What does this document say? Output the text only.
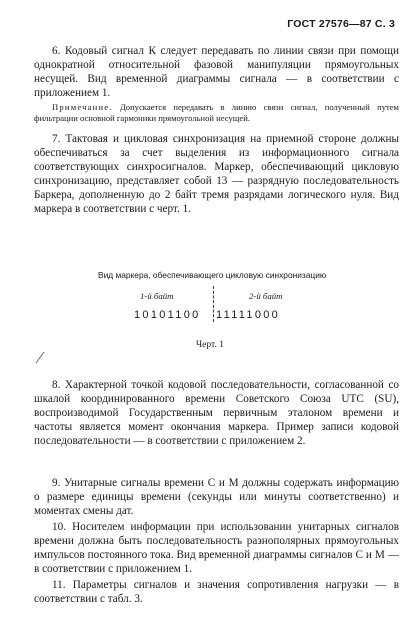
ГОСТ 27576—87 С. 3

6. Кодовый сигнал К следует передавать по линии связи при помощи однократной относительной фазовой манипуляции прямоугольных несущей. Вид временной диаграммы сигнала — в соответствии с приложением 1.

Примечание. Допускается передавать в линию связи сигнал, полученный путем фильтрации основной гармоники прямоугольной несущей.

7. Тактовая и цикловая синхронизация на приемной стороне должны обеспечиваться за счет выделения из информационного сигнала соответствующих синхросигналов. Маркер, обеспечивающий цикловую синхронизацию, представляет собой 13 — разрядную последовательность Баркера, дополненную до 2 байт тремя разрядами логического нуля. Вид маркера в соответствии с черт. 1.

Вид маркера, обеспечивающего цикловую синхронизацию
1-й байт	2-й байт
10101100 11111000
Черт. 1

8. Характерной точкой кодовой последовательности, согласованной со шкалой координированного времени Советского Союза UTC (SU), воспроизводимой Государственным первичным эталоном времени и частоты является момент окончания маркера. Пример записи кодовой последовательности — в соответствии с приложением 2.

9. Унитарные сигналы времени С и М должны содержать информацию о размере единицы времени (секунды или минуты соответственно) и моментах смены дат.

10. Носителем информации при использовании унитарных сигналов времени должна быть последовательность разнополярных прямоугольных импульсов постоянного тока. Вид временной диаграммы сигналов С и М — в соответствии с приложением 1.

11. Параметры сигналов и значения сопротивления нагрузки — в соответствии с табл. 3.
